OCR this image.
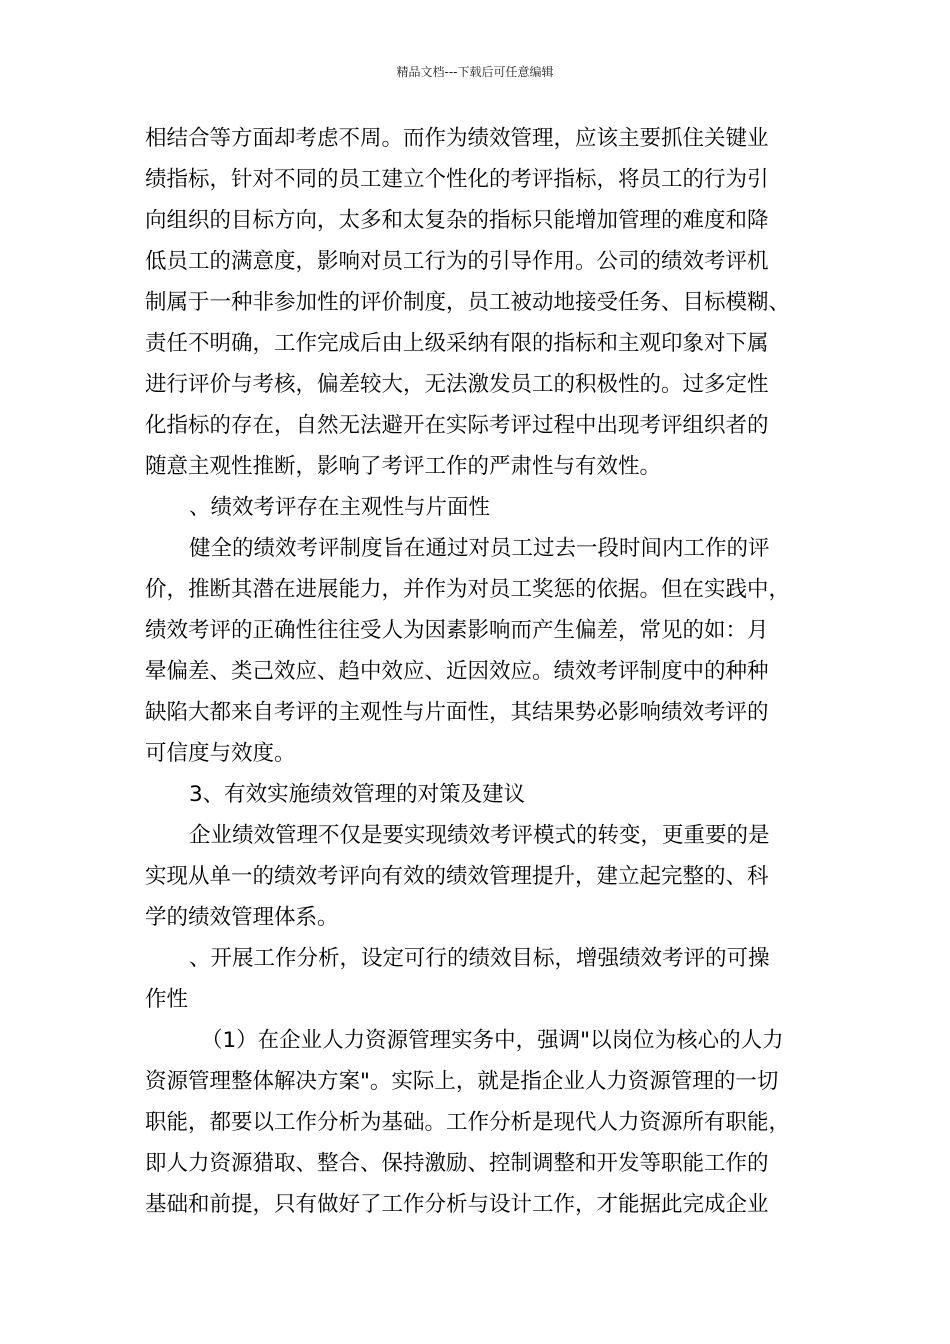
精品文档---下载后可任意编辑
相结合等方面却考虑不周。而作为绩效管理，应该主要抓住关键业
绩指标，针对不同的员工建立个性化的考评指标，将员工的行为引
向组织的目标方向，太多和太复杂的指标只能增加管理的难度和降
低员工的满意度，影响对员工行为的引导作用。公司的绩效考评机
制属于一种非参加性的评价制度，员工被动地接受任务、目标模糊、
责任不明确，工作完成后由上级采纳有限的指标和主观印象对下属
进行评价与考核，偏差较大，无法激发员工的积极性的。过多定性
化指标的存在，自然无法避开在实际考评过程中出现考评组织者的
随意主观性推断，影响了考评工作的严肃性与有效性。
、绩效考评存在主观性与片面性
健全的绩效考评制度旨在通过对员工过去一段时间内工作的评
价，推断其潜在进展能力，并作为对员工奖惩的依据。但在实践中，
绩效考评的正确性往往受人为因素影响而产生偏差，常见的如：月
晕偏差、类己效应、趋中效应、近因效应。绩效考评制度中的种种
缺陷大都来自考评的主观性与片面性，其结果势必影响绩效考评的
可信度与效度。
3、有效实施绩效管理的对策及建议
企业绩效管理不仅是要实现绩效考评模式的转变，更重要的是
实现从单一的绩效考评向有效的绩效管理提升，建立起完整的、科
学的绩效管理体系。
、开展工作分析，设定可行的绩效目标，增强绩效考评的可操
作性
（1）在企业人力资源管理实务中，强调"以岗位为核心的人力
资源管理整体解决方案"。实际上，就是指企业人力资源管理的一切
职能，都要以工作分析为基础。工作分析是现代人力资源所有职能，
即人力资源猎取、整合、保持激励、控制调整和开发等职能工作的
基础和前提，只有做好了工作分析与设计工作，才能据此完成企业
